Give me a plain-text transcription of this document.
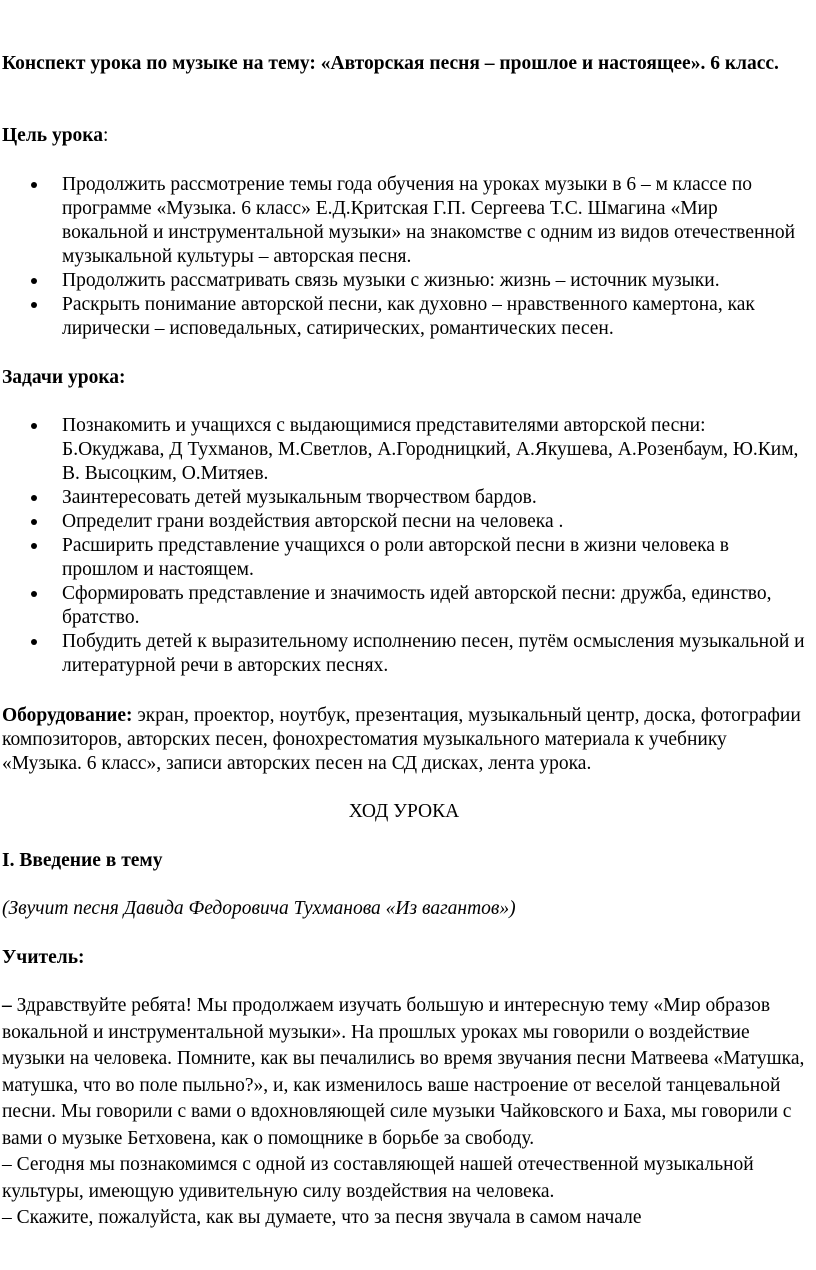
Конспект урока по музыке на тему: «Авторская песня – прошлое и настоящее». 6 класс.
Цель урока:
Продолжить рассмотрение темы года обучения на уроках музыки в 6 – м классе по программе «Музыка. 6 класс» Е.Д.Критская Г.П. Сергеева Т.С. Шмагина «Мир вокальной и инструментальной музыки» на знакомстве с одним из видов отечественной музыкальной культуры – авторская песня.
Продолжить рассматривать связь музыки с жизнью: жизнь – источник музыки.
Раскрыть понимание авторской песни, как духовно – нравственного камертона, как лирически – исповедальных, сатирических, романтических песен.
Задачи урока:
Познакомить и учащихся с выдающимися представителями авторской песни: Б.Окуджава, Д Тухманов, М.Светлов, А.Городницкий, А.Якушева, А.Розенбаум, Ю.Ким, В. Высоцким, О.Митяев.
Заинтересовать детей музыкальным творчеством бардов.
Определит грани воздействия авторской песни на человека .
Расширить представление учащихся о роли авторской песни в жизни человека в прошлом и настоящем.
Сформировать представление и значимость идей авторской песни: дружба, единство, братство.
Побудить детей к выразительному исполнению песен, путём осмысления музыкальной и литературной речи в авторских песнях.
Оборудование: экран, проектор, ноутбук, презентация, музыкальный центр, доска, фотографии композиторов, авторских песен, фонохрестоматия музыкального материала к учебнику «Музыка. 6 класс», записи авторских песен на СД дисках, лента урока.
ХОД УРОКА
I. Введение в тему
(Звучит песня Давида Федоровича Тухманова «Из вагантов»)
Учитель:

– Здравствуйте ребята! Мы продолжаем изучать большую и интересную тему «Мир образов вокальной и инструментальной музыки». На прошлых уроках мы говорили о воздействие музыки на человека. Помните, как вы печалились во время звучания песни Матвеева «Матушка, матушка, что во поле пыльно?», и, как изменилось ваше настроение от веселой танцевальной песни. Мы говорили с вами о вдохновляющей силе музыки Чайковского и Баха, мы говорили с вами о музыке Бетховена, как о помощнике в борьбе за свободу.

– Сегодня мы познакомимся с одной из составляющей нашей отечественной музыкальной культуры, имеющую удивительную силу воздействия на человека.

– Скажите, пожалуйста, как вы думаете, что за песня звучала в самом начале
